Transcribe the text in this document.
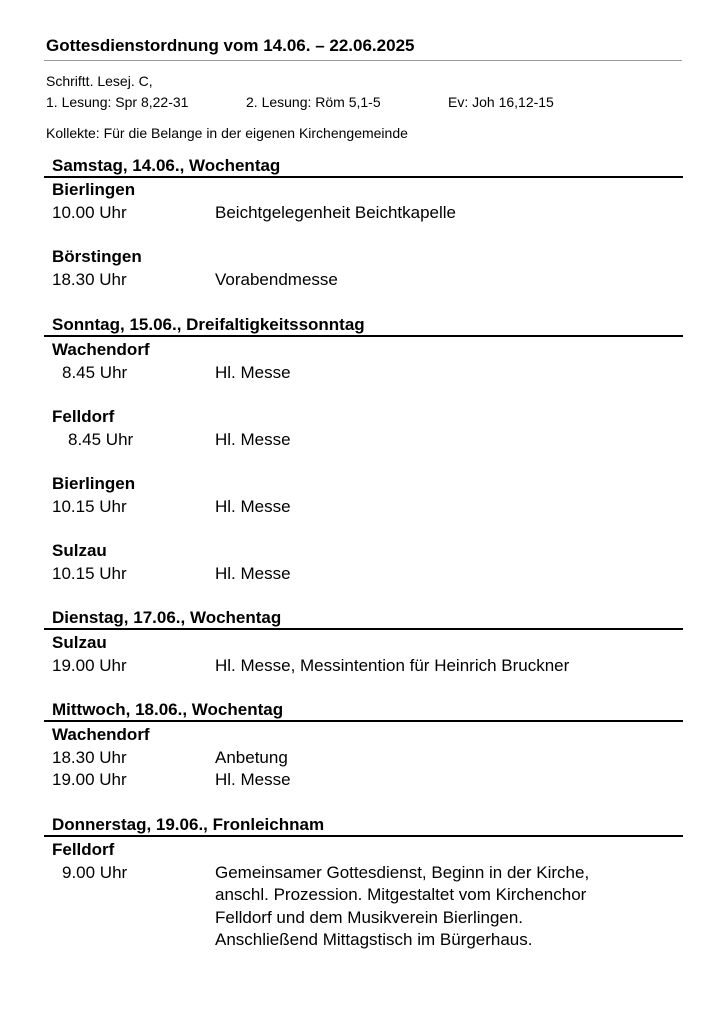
Gottesdienstordnung vom 14.06. – 22.06.2025
Schriftt. Lesej. C,
1. Lesung: Spr 8,22-31	2. Lesung: Röm 5,1-5	Ev: Joh 16,12-15
Kollekte: Für die Belange in der eigenen Kirchengemeinde
Samstag, 14.06., Wochentag
Bierlingen
10.00 Uhr	Beichtgelegenheit Beichtkapelle
Börstingen
18.30 Uhr	Vorabendmesse
Sonntag, 15.06., Dreifaltigkeitssonntag
Wachendorf
8.45 Uhr	Hl. Messe
Felldorf
8.45 Uhr	Hl. Messe
Bierlingen
10.15 Uhr	Hl. Messe
Sulzau
10.15 Uhr	Hl. Messe
Dienstag, 17.06., Wochentag
Sulzau
19.00 Uhr	Hl. Messe, Messintention für Heinrich Bruckner
Mittwoch, 18.06., Wochentag
Wachendorf
18.30 Uhr	Anbetung
19.00 Uhr	Hl. Messe
Donnerstag, 19.06., Fronleichnam
Felldorf
9.00 Uhr	Gemeinsamer Gottesdienst, Beginn in der Kirche,
anschl. Prozession. Mitgestaltet vom Kirchenchor
Felldorf und dem Musikverein Bierlingen.
Anschließend Mittagstisch im Bürgerhaus.
